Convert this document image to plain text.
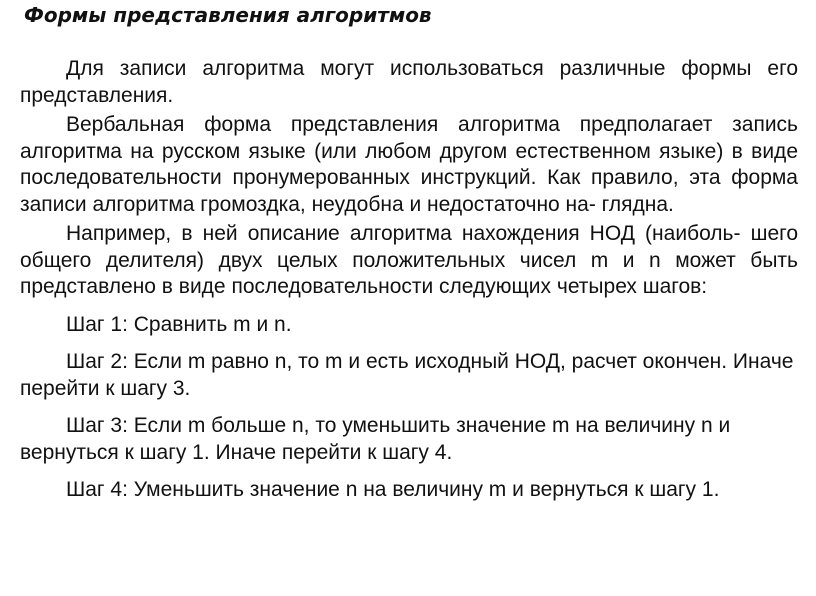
Формы представления алгоритмов

Для записи алгоритма могут использоваться различные формы его представления.

Вербальная форма представления алгоритма предполагает запись алгоритма на русском языке (или любом другом естественном языке) в виде последовательности пронумерованных инструкций. Как правило, эта форма записи алгоритма громоздка, неудобна и недостаточно на- глядна.

Например, в ней описание алгоритма нахождения НОД (наиболь- шего общего делителя) двух целых положительных чисел m и n может быть представлено в виде последовательности следующих четырех шагов:

Шаг 1: Сравнить m и n.

Шаг 2: Если m равно n, то m и есть исходный НОД, расчет окончен. Иначе перейти к шагу 3.

Шаг 3: Если m больше n, то уменьшить значение m на величину n и вернуться к шагу 1. Иначе перейти к шагу 4.

Шаг 4: Уменьшить значение n на величину m и вернуться к шагу 1.
